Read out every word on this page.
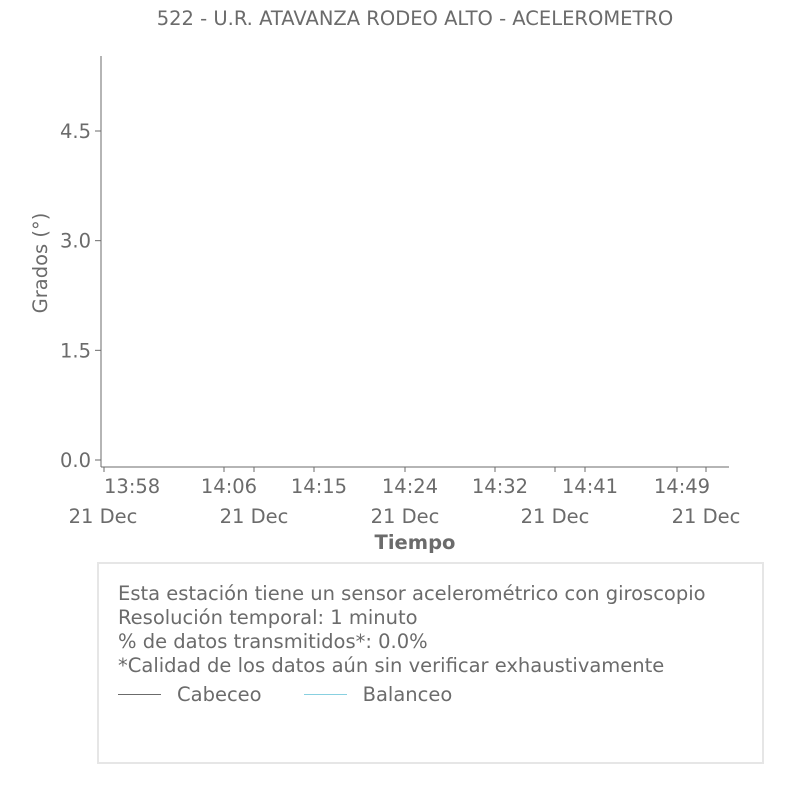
522 - U.R. ATAVANZA RODEO ALTO - ACELEROMETRO
Grados (°)
Tiempo
0.0
1.5
3.0
4.5
13:58 14:06 14:15 14:24 14:32 14:41 14:49
21 Dec	21 Dec	21 Dec	21 Dec	21 Dec
Esta estación tiene un sensor acelerométrico con giroscopio
Resolución temporal: 1 minuto
% de datos transmitidos*: 0.0%
*Calidad de los datos aún sin verificar exhaustivamente
Cabeceo	Balanceo
